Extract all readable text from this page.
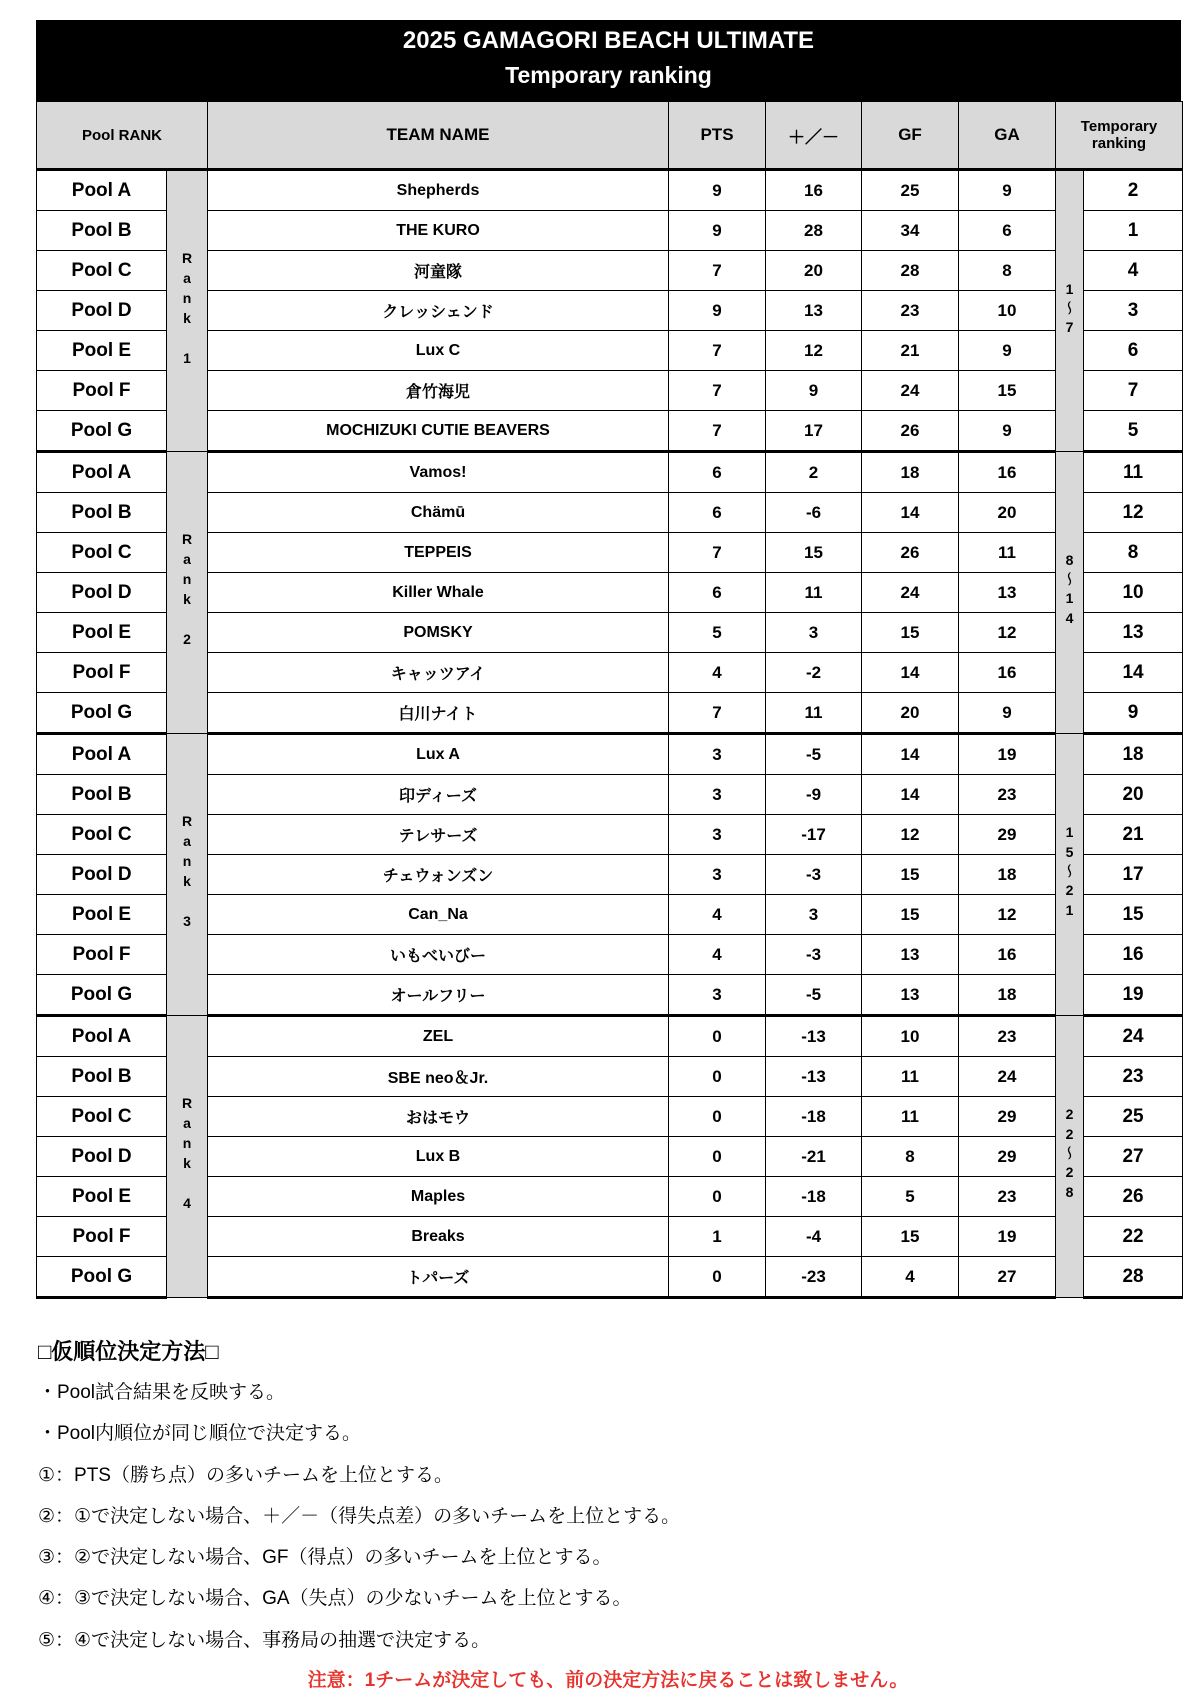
2025 GAMAGORI BEACH ULTIMATE
Temporary ranking
Pool RANK		TEAM NAME	PTS	＋／－	GF	GA	Temporary ranking	
Pool A	Rank 1	Shepherds	9	16	25	9	1〜7	2
Pool B		THE KURO	9	28	34	6		1
Pool C		河童隊	7	20	28	8		4
Pool D		クレッシェンド	9	13	23	10		3
Pool E		Lux C	7	12	21	9		6
Pool F		倉竹海児	7	9	24	15		7
Pool G		MOCHIZUKI CUTIE BEAVERS	7	17	26	9		5
Pool A	Rank 2	Vamos!	6	2	18	16	8〜14	11
Pool B		Chämū	6	-6	14	20		12
Pool C		TEPPEIS	7	15	26	11		8
Pool D		Killer Whale	6	11	24	13		10
Pool E		POMSKY	5	3	15	12		13
Pool F		キャッツアイ	4	-2	14	16		14
Pool G		白川ナイト	7	11	20	9		9
Pool A	Rank 3	Lux A	3	-5	14	19	15〜21	18
Pool B		印ディーズ	3	-9	14	23		20
Pool C		テレサーズ	3	-17	12	29		21
Pool D		チェウォンズン	3	-3	15	18		17
Pool E		Can_Na	4	3	15	12		15
Pool F		いもべいびー	4	-3	13	16		16
Pool G		オールフリー	3	-5	13	18		19
Pool A	Rank 4	ZEL	0	-13	10	23	22〜28	24
Pool B		SBE neo＆Jr.	0	-13	11	24		23
Pool C		おはモウ	0	-18	11	29		25
Pool D		Lux B	0	-21	8	29		27
Pool E		Maples	0	-18	5	23		26
Pool F		Breaks	1	-4	15	19		22
Pool G		トパーズ	0	-23	4	27		28
□仮順位決定方法□
・Pool試合結果を反映する。
・Pool内順位が同じ順位で決定する。
①：PTS（勝ち点）の多いチームを上位とする。
②：①で決定しない場合、＋／－（得失点差）の多いチームを上位とする。
③：②で決定しない場合、GF（得点）の多いチームを上位とする。
④：③で決定しない場合、GA（失点）の少ないチームを上位とする。
⑤：④で決定しない場合、事務局の抽選で決定する。
注意：1チームが決定しても、前の決定方法に戻ることは致しません。
